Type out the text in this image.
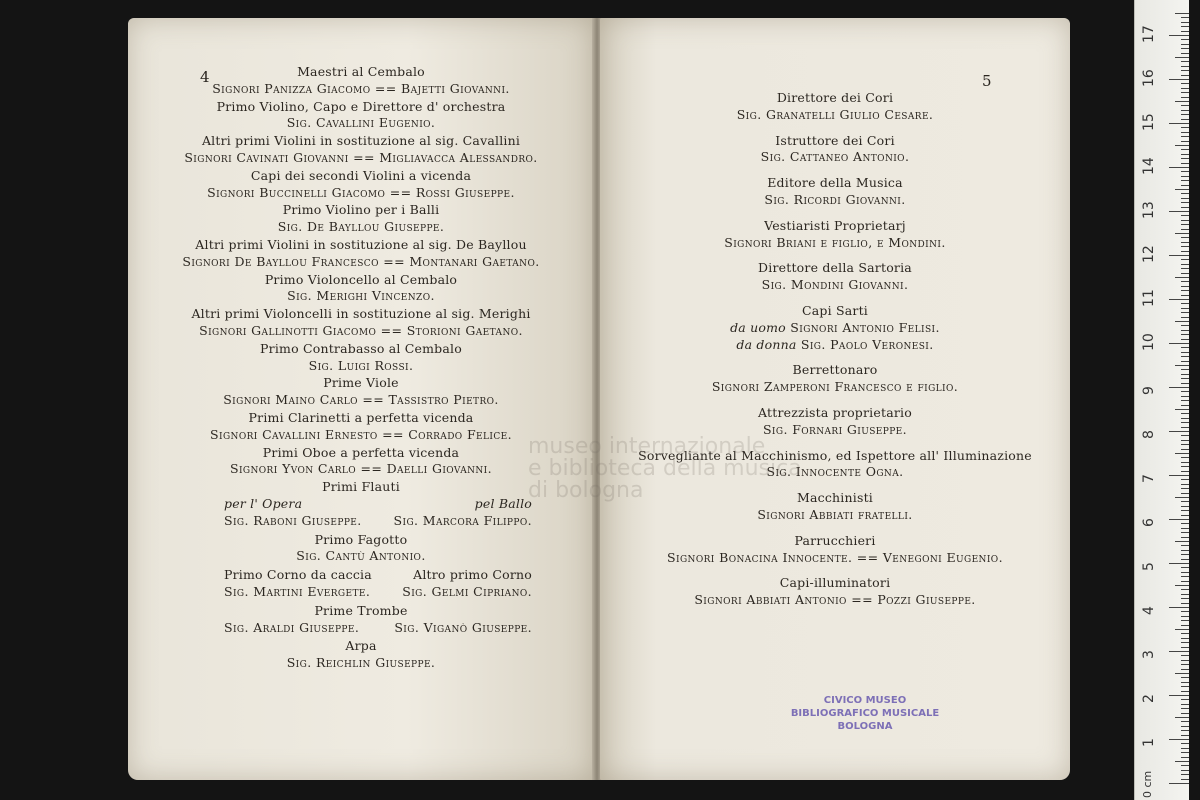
4	Maestri al Cembalo
Signori Panizza Giacomo == Bajetti Giovanni.
Primo Violino, Capo e Direttore d' orchestra
Sig. Cavallini Eugenio.
Altri primi Violini in sostituzione al sig. Cavallini
Signori Cavinati Giovanni == Migliavacca Alessandro.
Capi dei secondi Violini a vicenda
Signori Buccinelli Giacomo == Rossi Giuseppe.
Primo Violino per i Balli
Sig. De Bayllou Giuseppe.
Altri primi Violini in sostituzione al sig. De Bayllou
Signori De Bayllou Francesco == Montanari Gaetano.
Primo Violoncello al Cembalo
Sig. Merighi Vincenzo.
Altri primi Violoncelli in sostituzione al sig. Merighi
Signori Gallinotti Giacomo == Storioni Gaetano.
Primo Contrabasso al Cembalo
Sig. Luigi Rossi.
Prime Viole
Signori Maino Carlo == Tassistro Pietro.
Primi Clarinetti a perfetta vicenda
Signori Cavallini Ernesto == Corrado Felice.
Primi Oboe a perfetta vicenda
Signori Yvon Carlo == Daelli Giovanni.
Primi Flauti
per l' Opera	pel Ballo
Sig. Raboni Giuseppe.	Sig. Marcora Filippo.
Primo Fagotto
Sig. Cantù Antonio.
Primo Corno da caccia	Altro primo Corno
Sig. Martini Evergete.	Sig. Gelmi Cipriano.
Prime Trombe
Sig. Araldi Giuseppe.	Sig. Viganò Giuseppe.
Arpa
Sig. Reichlin Giuseppe.
5
Direttore dei Cori
Sig. Granatelli Giulio Cesare.
Istruttore dei Cori
Sig. Cattaneo Antonio.
Editore della Musica
Sig. Ricordi Giovanni.
Vestiaristi Proprietarj
Signori Briani e figlio, e Mondini.
Direttore della Sartoria
Sig. Mondini Giovanni.
Capi Sarti
da uomo Signori Antonio Felisi.
da donna Sig. Paolo Veronesi.
Berrettonaro
Signori Zamperoni Francesco e figlio.
Attrezzista proprietario
Sig. Fornari Giuseppe.
Sorvegliante al Macchinismo, ed Ispettore all' Illuminazione
Sig. Innocente Ogna.
Macchinisti
Signori Abbiati fratelli.
Parrucchieri
Signori Bonacina Innocente. == Venegoni Eugenio.
Capi-illuminatori
Signori Abbiati Antonio == Pozzi Giuseppe.
museo internazionale
e biblioteca della musica
di bologna
CIVICO MUSEO
BIBLIOGRAFICO MUSICALE
BOLOGNA
1
2
3
4
5
6
7
8
9
10
11
12
13
14
15
16
17
0 cm
